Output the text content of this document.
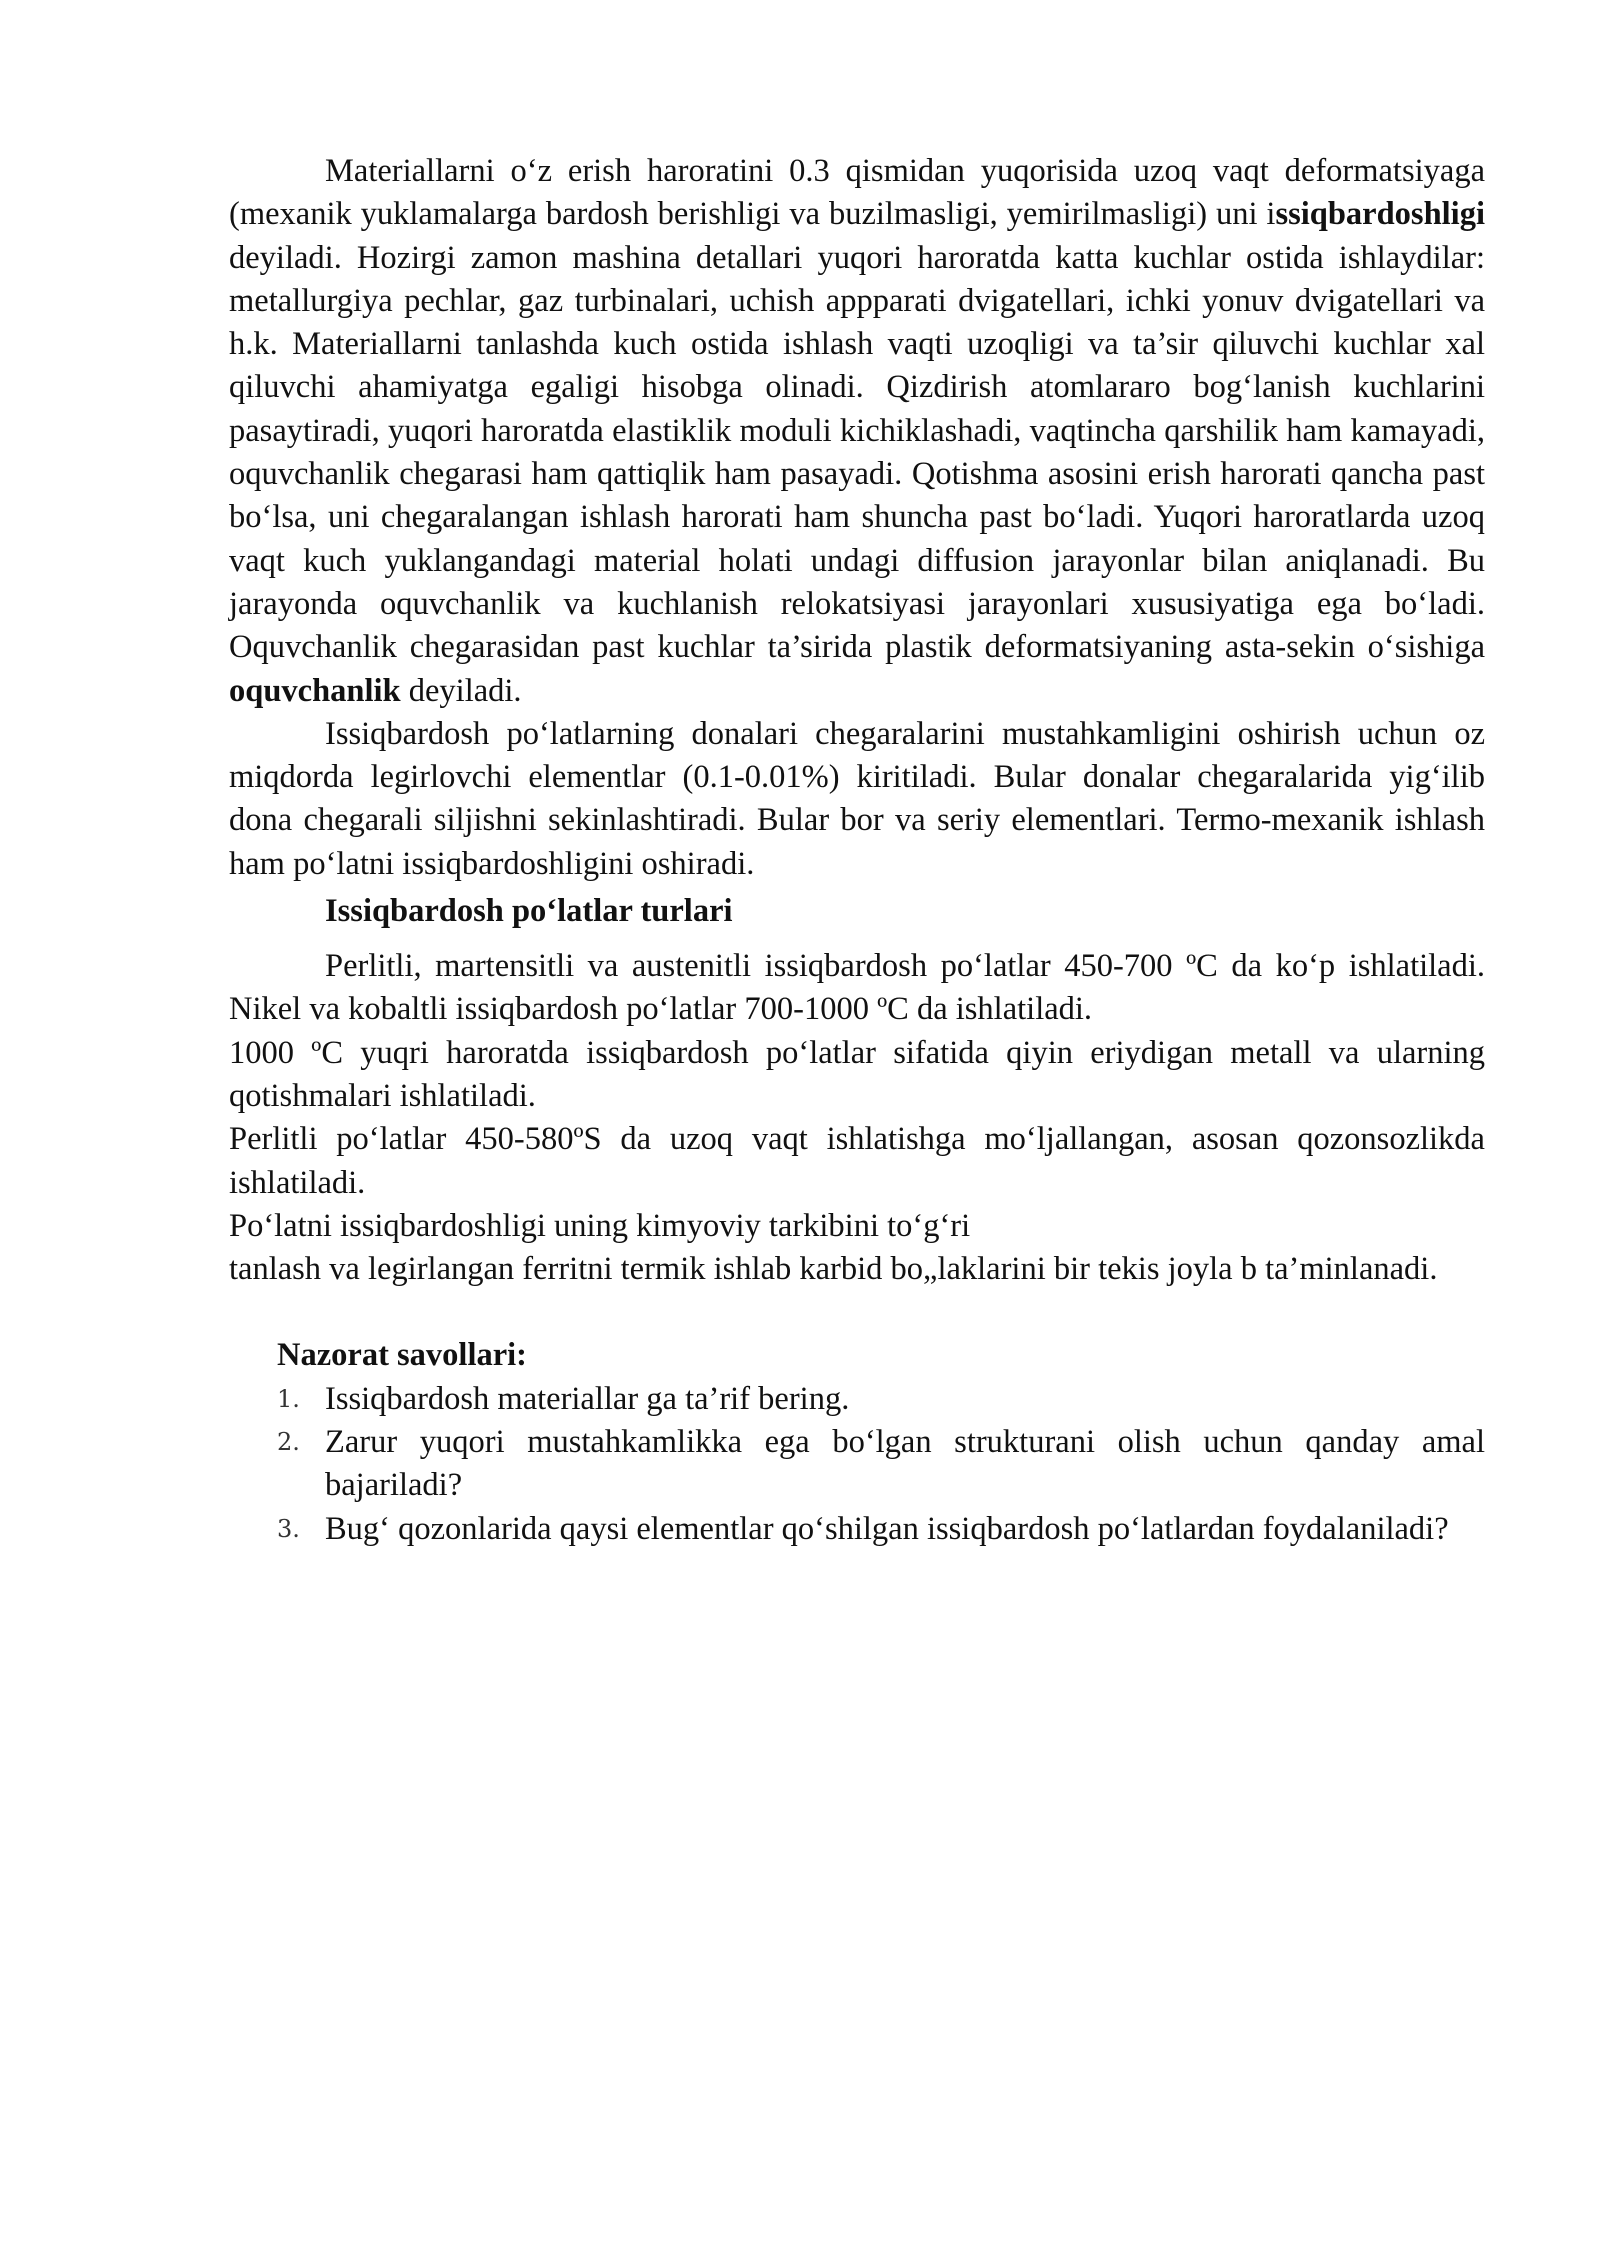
Materiallarni o‘z erish haroratini 0.3 qismidan yuqorisida uzoq vaqt deformatsiyaga (mexanik yuklamalarga bardosh berishligi va buzilmasligi, yemirilmasligi) uni issiqbardoshligi deyiladi. Hozirgi zamon mashina detallari yuqori haroratda katta kuchlar ostida ishlaydilar: metallurgiya pechlar, gaz turbinalari, uchish appparati dvigatellari, ichki yonuv dvigatellari va h.k. Materiallarni tanlashda kuch ostida ishlash vaqti uzoqligi va ta’sir qiluvchi kuchlar xal qiluvchi ahamiyatga egaligi hisobga olinadi. Qizdirish atomlararo bog‘lanish kuchlarini pasaytiradi, yuqori haroratda elastiklik moduli kichiklashadi, vaqtincha qarshilik ham kamayadi, oquvchanlik chegarasi ham qattiqlik ham pasayadi. Qotishma asosini erish harorati qancha past bo‘lsa, uni chegaralangan ishlash harorati ham shuncha past bo‘ladi. Yuqori haroratlarda uzoq vaqt kuch yuklangandagi material holati undagi diffusion jarayonlar bilan aniqlanadi. Bu jarayonda oquvchanlik va kuchlanish relokatsiyasi jarayonlari xususiyatiga ega bo‘ladi. Oquvchanlik chegarasidan past kuchlar ta’sirida plastik deformatsiyaning asta-sekin o‘sishiga oquvchanlik deyiladi.

Issiqbardosh po‘latlarning donalari chegaralarini mustahkamligini oshirish uchun oz miqdorda legirlovchi elementlar (0.1-0.01%) kiritiladi. Bular donalar chegaralarida yig‘ilib dona chegarali siljishni sekinlashtiradi. Bular bor va seriy elementlari. Termo-mexanik ishlash ham po‘latni issiqbardoshligini oshiradi.

Issiqbardosh po‘latlar turlari

Perlitli, martensitli va austenitli issiqbardosh po‘latlar 450-700 ºC da ko‘p ishlatiladi. Nikel va kobaltli issiqbardosh po‘latlar 700-1000 ºC da ishlatiladi.

1000 ºC yuqri haroratda issiqbardosh po‘latlar sifatida qiyin eriydigan metall va ularning qotishmalari ishlatiladi.

Perlitli po‘latlar 450-580ºS da uzoq vaqt ishlatishga mo‘ljallangan, asosan qozonsozlikda ishlatiladi.

Po‘latni issiqbardoshligi uning kimyoviy tarkibini to‘g‘ri

tanlash va legirlangan ferritni termik ishlab karbid bo„laklarini bir tekis joyla b ta’minlanadi.

Nazorat savollari:

1. Issiqbardosh materiallar ga ta’rif bering.
2. Zarur yuqori mustahkamlikka ega bo‘lgan strukturani olish uchun qanday amal bajariladi?
3. Bug‘ qozonlarida qaysi elementlar qo‘shilgan issiqbardosh po‘latlardan foydalaniladi?
